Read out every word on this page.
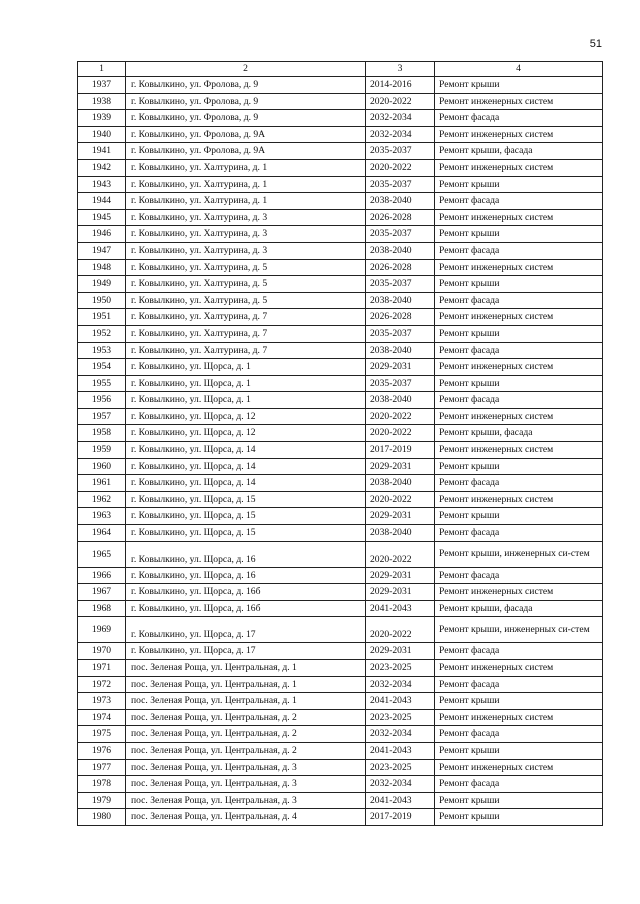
51
1	2	3	4
1937	г. Ковылкино, ул. Фролова, д. 9	2014-2016	Ремонт крыши
1938	г. Ковылкино, ул. Фролова, д. 9	2020-2022	Ремонт инженерных систем
1939	г. Ковылкино, ул. Фролова, д. 9	2032-2034	Ремонт фасада
1940	г. Ковылкино, ул. Фролова, д. 9А	2032-2034	Ремонт инженерных систем
1941	г. Ковылкино, ул. Фролова, д. 9А	2035-2037	Ремонт крыши, фасада
1942	г. Ковылкино, ул. Халтурина, д. 1	2020-2022	Ремонт инженерных систем
1943	г. Ковылкино, ул. Халтурина, д. 1	2035-2037	Ремонт крыши
1944	г. Ковылкино, ул. Халтурина, д. 1	2038-2040	Ремонт фасада
1945	г. Ковылкино, ул. Халтурина, д. 3	2026-2028	Ремонт инженерных систем
1946	г. Ковылкино, ул. Халтурина, д. 3	2035-2037	Ремонт крыши
1947	г. Ковылкино, ул. Халтурина, д. 3	2038-2040	Ремонт фасада
1948	г. Ковылкино, ул. Халтурина, д. 5	2026-2028	Ремонт инженерных систем
1949	г. Ковылкино, ул. Халтурина, д. 5	2035-2037	Ремонт крыши
1950	г. Ковылкино, ул. Халтурина, д. 5	2038-2040	Ремонт фасада
1951	г. Ковылкино, ул. Халтурина, д. 7	2026-2028	Ремонт инженерных систем
1952	г. Ковылкино, ул. Халтурина, д. 7	2035-2037	Ремонт крыши
1953	г. Ковылкино, ул. Халтурина, д. 7	2038-2040	Ремонт фасада
1954	г. Ковылкино, ул. Щорса, д. 1	2029-2031	Ремонт инженерных систем
1955	г. Ковылкино, ул. Щорса, д. 1	2035-2037	Ремонт крыши
1956	г. Ковылкино, ул. Щорса, д. 1	2038-2040	Ремонт фасада
1957	г. Ковылкино, ул. Щорса, д. 12	2020-2022	Ремонт инженерных систем
1958	г. Ковылкино, ул. Щорса, д. 12	2020-2022	Ремонт крыши, фасада
1959	г. Ковылкино, ул. Щорса, д. 14	2017-2019	Ремонт инженерных систем
1960	г. Ковылкино, ул. Щорса, д. 14	2029-2031	Ремонт крыши
1961	г. Ковылкино, ул. Щорса, д. 14	2038-2040	Ремонт фасада
1962	г. Ковылкино, ул. Щорса, д. 15	2020-2022	Ремонт инженерных систем
1963	г. Ковылкино, ул. Щорса, д. 15	2029-2031	Ремонт крыши
1964	г. Ковылкино, ул. Щорса, д. 15	2038-2040	Ремонт фасада
1965	г. Ковылкино, ул. Щорса, д. 16	2020-2022	Ремонт крыши, инженерных си-стем
1966	г. Ковылкино, ул. Щорса, д. 16	2029-2031	Ремонт фасада
1967	г. Ковылкино, ул. Щорса, д. 16б	2029-2031	Ремонт инженерных систем
1968	г. Ковылкино, ул. Щорса, д. 16б	2041-2043	Ремонт крыши, фасада
1969	г. Ковылкино, ул. Щорса, д. 17	2020-2022	Ремонт крыши, инженерных си-стем
1970	г. Ковылкино, ул. Щорса, д. 17	2029-2031	Ремонт фасада
1971	пос. Зеленая Роща, ул. Центральная, д. 1	2023-2025	Ремонт инженерных систем
1972	пос. Зеленая Роща, ул. Центральная, д. 1	2032-2034	Ремонт фасада
1973	пос. Зеленая Роща, ул. Центральная, д. 1	2041-2043	Ремонт крыши
1974	пос. Зеленая Роща, ул. Центральная, д. 2	2023-2025	Ремонт инженерных систем
1975	пос. Зеленая Роща, ул. Центральная, д. 2	2032-2034	Ремонт фасада
1976	пос. Зеленая Роща, ул. Центральная, д. 2	2041-2043	Ремонт крыши
1977	пос. Зеленая Роща, ул. Центральная, д. 3	2023-2025	Ремонт инженерных систем
1978	пос. Зеленая Роща, ул. Центральная, д. 3	2032-2034	Ремонт фасада
1979	пос. Зеленая Роща, ул. Центральная, д. 3	2041-2043	Ремонт крыши
1980	пос. Зеленая Роща, ул. Центральная, д. 4	2017-2019	Ремонт крыши
